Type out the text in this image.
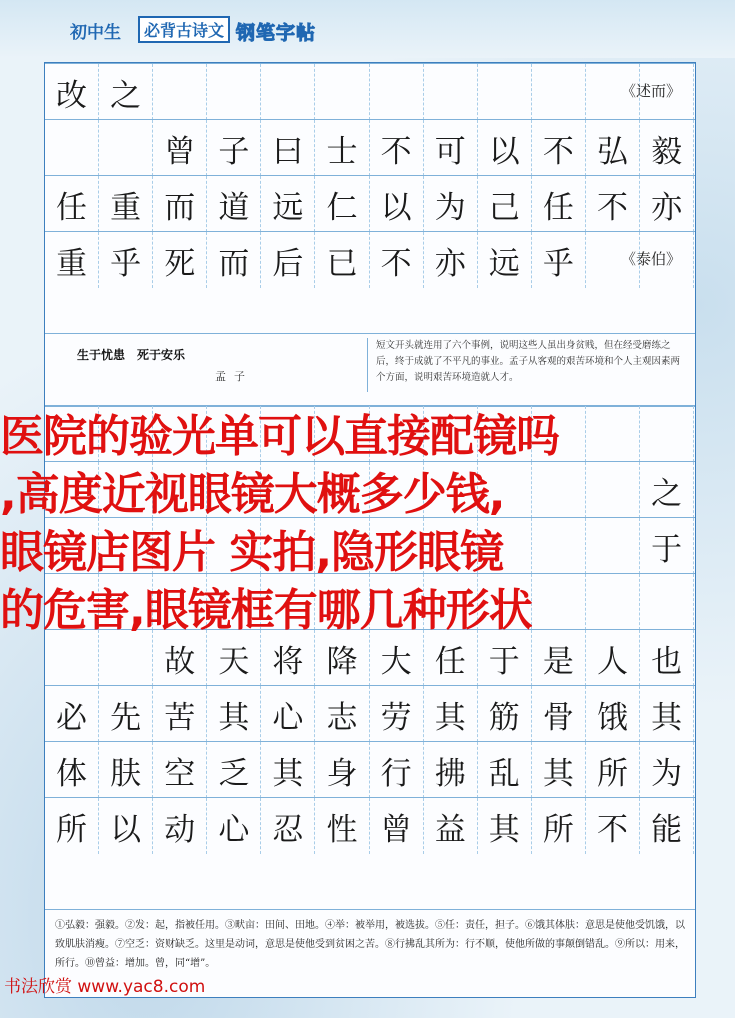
初中生	必背古诗文 钢笔字帖
改 之	《述而》
曾 子 曰 士 不 可 以 不 弘 毅
任 重 而 道 远 仁 以 为 己 任 不 亦
重 乎 死 而 后 已 不 亦 远 乎	《泰伯》
生于忧患　死于安乐
孟子
短文开头就连用了六个事例，说明这些人虽出身贫贱，但在经受磨练之后，终于成就了不平凡的事业。孟子从客观的艰苦环境和个人主观因素两个方面，说明艰苦环境造就人才。
之
于
故 天 将 降 大 任 于 是 人 也
必 先 苦 其 心 志 劳 其 筋 骨 饿 其
体 肤 空 乏 其 身 行 拂 乱 其 所 为
所 以 动 心 忍 性 曾 益 其 所 不 能
①弘毅：强毅。②发：起，指被任用。③畎亩：田间、田地。④举：被举用，被选拔。⑤任：责任，担子。⑥饿其体肤：意思是使他受饥饿，以致肌肤消瘦。⑦空乏：资财缺乏。这里是动词，意思是使他受到贫困之苦。⑧行拂乱其所为：行不顺，使他所做的事颠倒错乱。⑨所以：用来，所行。⑩曾益：增加。曾，同“增”。
医院的验光单可以直接配镜吗
,高度近视眼镜大概多少钱,
眼镜店图片 实拍,隐形眼镜
的危害,眼镜框有哪几种形状
书法欣赏 www.yac8.com
